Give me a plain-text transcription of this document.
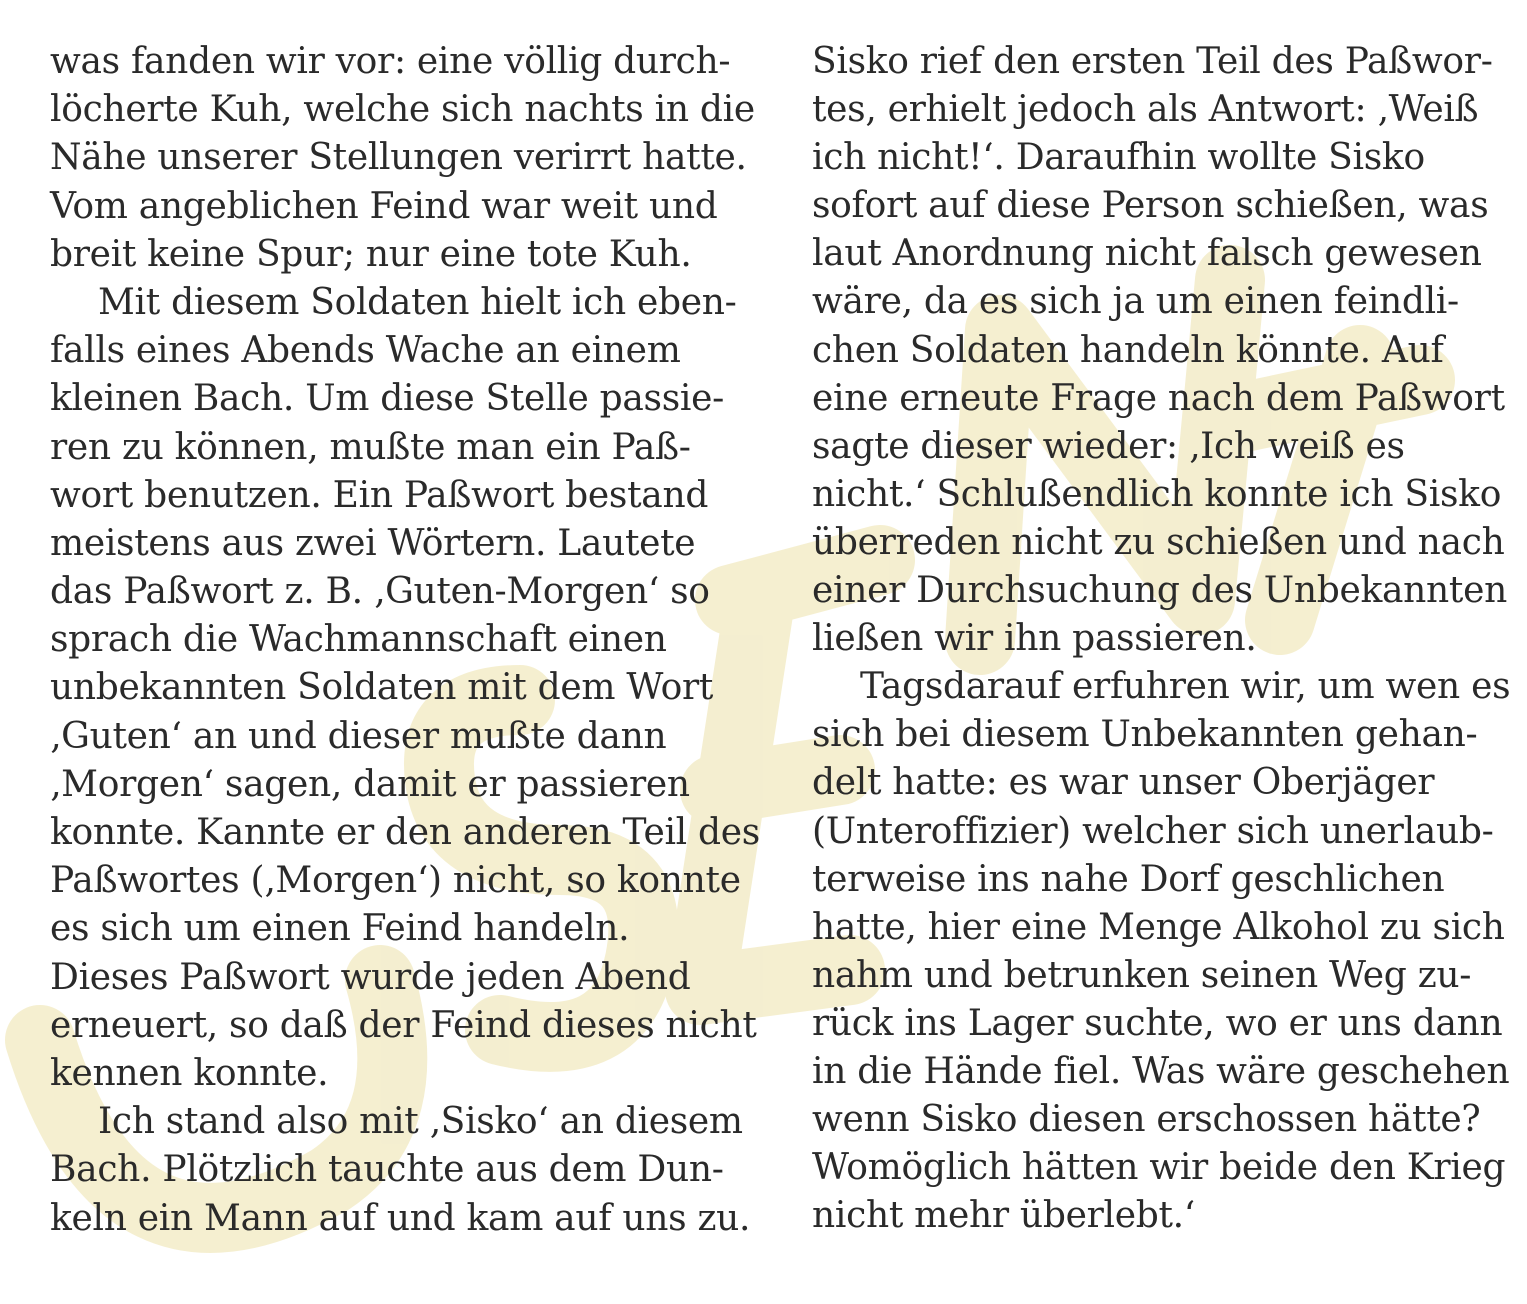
was fanden wir vor: eine völlig durch-
löcherte Kuh, welche sich nachts in die
Nähe unserer Stellungen verirrt hatte.
Vom angeblichen Feind war weit und
breit keine Spur; nur eine tote Kuh.
Mit diesem Soldaten hielt ich eben-
falls eines Abends Wache an einem
kleinen Bach. Um diese Stelle passie-
ren zu können, mußte man ein Paß-
wort benutzen. Ein Paßwort bestand
meistens aus zwei Wörtern. Lautete
das Paßwort z. B. ‚Guten-Morgen‘ so
sprach die Wachmannschaft einen
unbekannten Soldaten mit dem Wort
‚Guten‘ an und dieser mußte dann
‚Morgen‘ sagen, damit er passieren
konnte. Kannte er den anderen Teil des
Paßwortes (‚Morgen‘) nicht, so konnte
es sich um einen Feind handeln.
Dieses Paßwort wurde jeden Abend
erneuert, so daß der Feind dieses nicht
kennen konnte.
Ich stand also mit ‚Sisko‘ an diesem
Bach. Plötzlich tauchte aus dem Dun-
keln ein Mann auf und kam auf uns zu.
Sisko rief den ersten Teil des Paßwor-
tes, erhielt jedoch als Antwort: ‚Weiß
ich nicht!‘. Daraufhin wollte Sisko
sofort auf diese Person schießen, was
laut Anordnung nicht falsch gewesen
wäre, da es sich ja um einen feindli-
chen Soldaten handeln könnte. Auf
eine erneute Frage nach dem Paßwort
sagte dieser wieder: ‚Ich weiß es
nicht.‘ Schlußendlich konnte ich Sisko
überreden nicht zu schießen und nach
einer Durchsuchung des Unbekannten
ließen wir ihn passieren.
Tagsdarauf erfuhren wir, um wen es
sich bei diesem Unbekannten gehan-
delt hatte: es war unser Oberjäger
(Unteroffizier) welcher sich unerlaub-
terweise ins nahe Dorf geschlichen
hatte, hier eine Menge Alkohol zu sich
nahm und betrunken seinen Weg zu-
rück ins Lager suchte, wo er uns dann
in die Hände fiel. Was wäre geschehen
wenn Sisko diesen erschossen hätte?
Womöglich hätten wir beide den Krieg
nicht mehr überlebt.‘
